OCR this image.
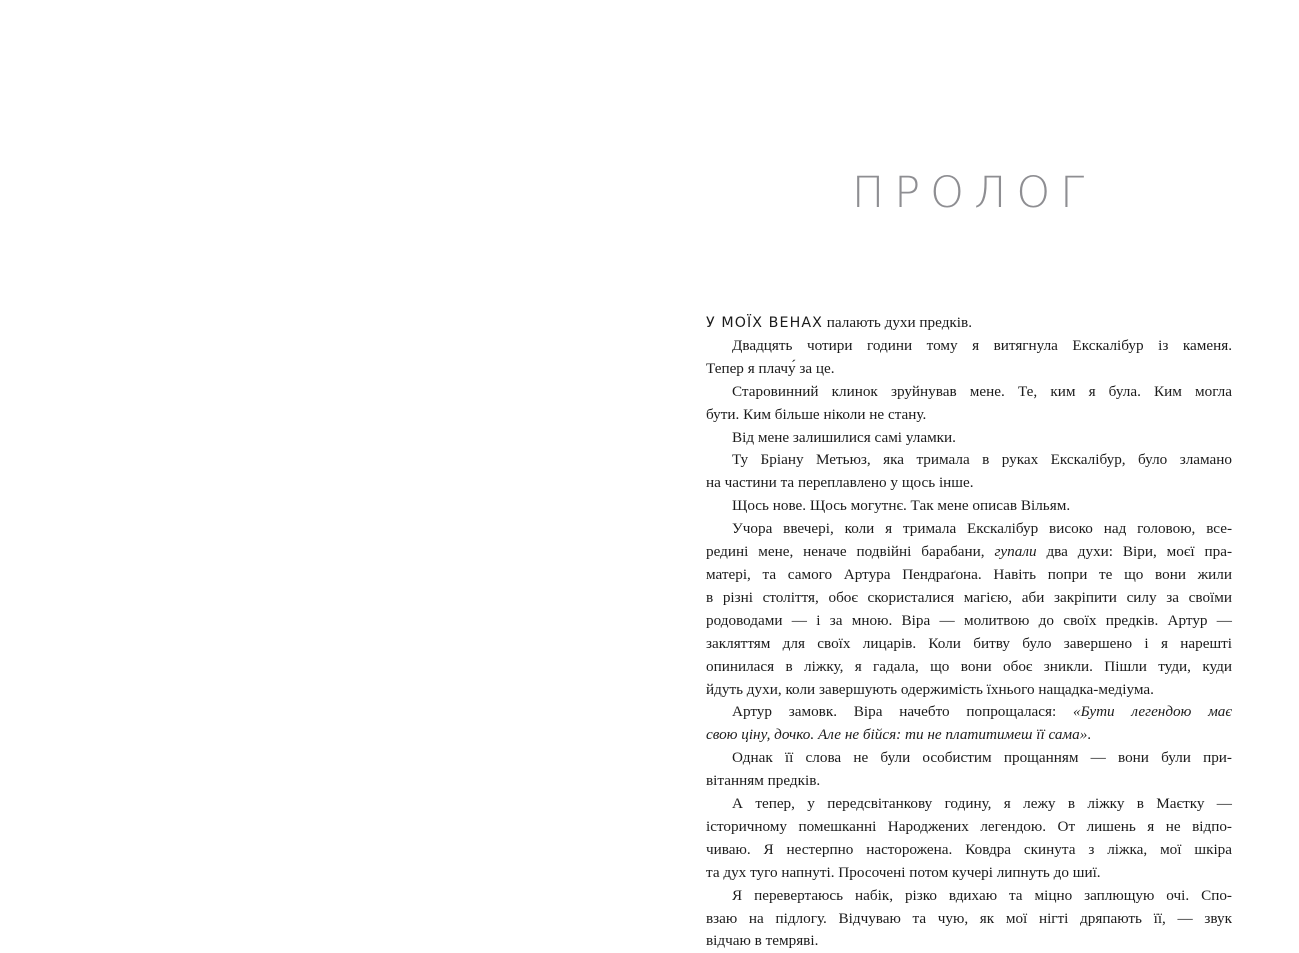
ПРОЛОГ

У МОЇХ ВЕНАХ палають духи предків.

Двадцять чотири години тому я витягнула Екскалібур із каменя.
Тепер я плачу́ за це.

Старовинний клинок зруйнував мене. Те, ким я була. Ким могла
бути. Ким більше ніколи не стану.

Від мене залишилися самі уламки.

Ту Бріану Метьюз, яка тримала в руках Екскалібур, було зламано
на частини та переплавлено у щось інше.

Щось нове. Щось могутнє. Так мене описав Вільям.

Учора ввечері, коли я тримала Екскалібур високо над головою, все-
редині мене, неначе подвійні барабани, гупали два духи: Віри, моєї пра-
матері, та самого Артура Пендраґона. Навіть попри те що вони жили
в різні століття, обоє скористалися магією, аби закріпити силу за своїми
родоводами — і за мною. Віра — молитвою до своїх предків. Артур —
закляттям для своїх лицарів. Коли битву було завершено і я нарешті
опинилася в ліжку, я гадала, що вони обоє зникли. Пішли туди, куди
йдуть духи, коли завершують одержимість їхнього нащадка-медіума.

Артур замовк. Віра начебто попрощалася: «Бути легендою має
свою ціну, дочко. Але не бійся: ти не платитимеш її сама».

Однак її слова не були особистим прощанням — вони були при-
вітанням предків.

А тепер, у передсвітанкову годину, я лежу в ліжку в Маєтку —
історичному помешканні Народжених легендою. От лишень я не відпо-
чиваю. Я нестерпно насторожена. Ковдра скинута з ліжка, мої шкіра
та дух туго напнуті. Просочені потом кучері липнуть до шиї.

Я перевертаюсь набік, різко вдихаю та міцно заплющую очі. Спо-
взаю на підлогу. Відчуваю та чую, як мої нігті дряпають її, — звук
відчаю в темряві.
